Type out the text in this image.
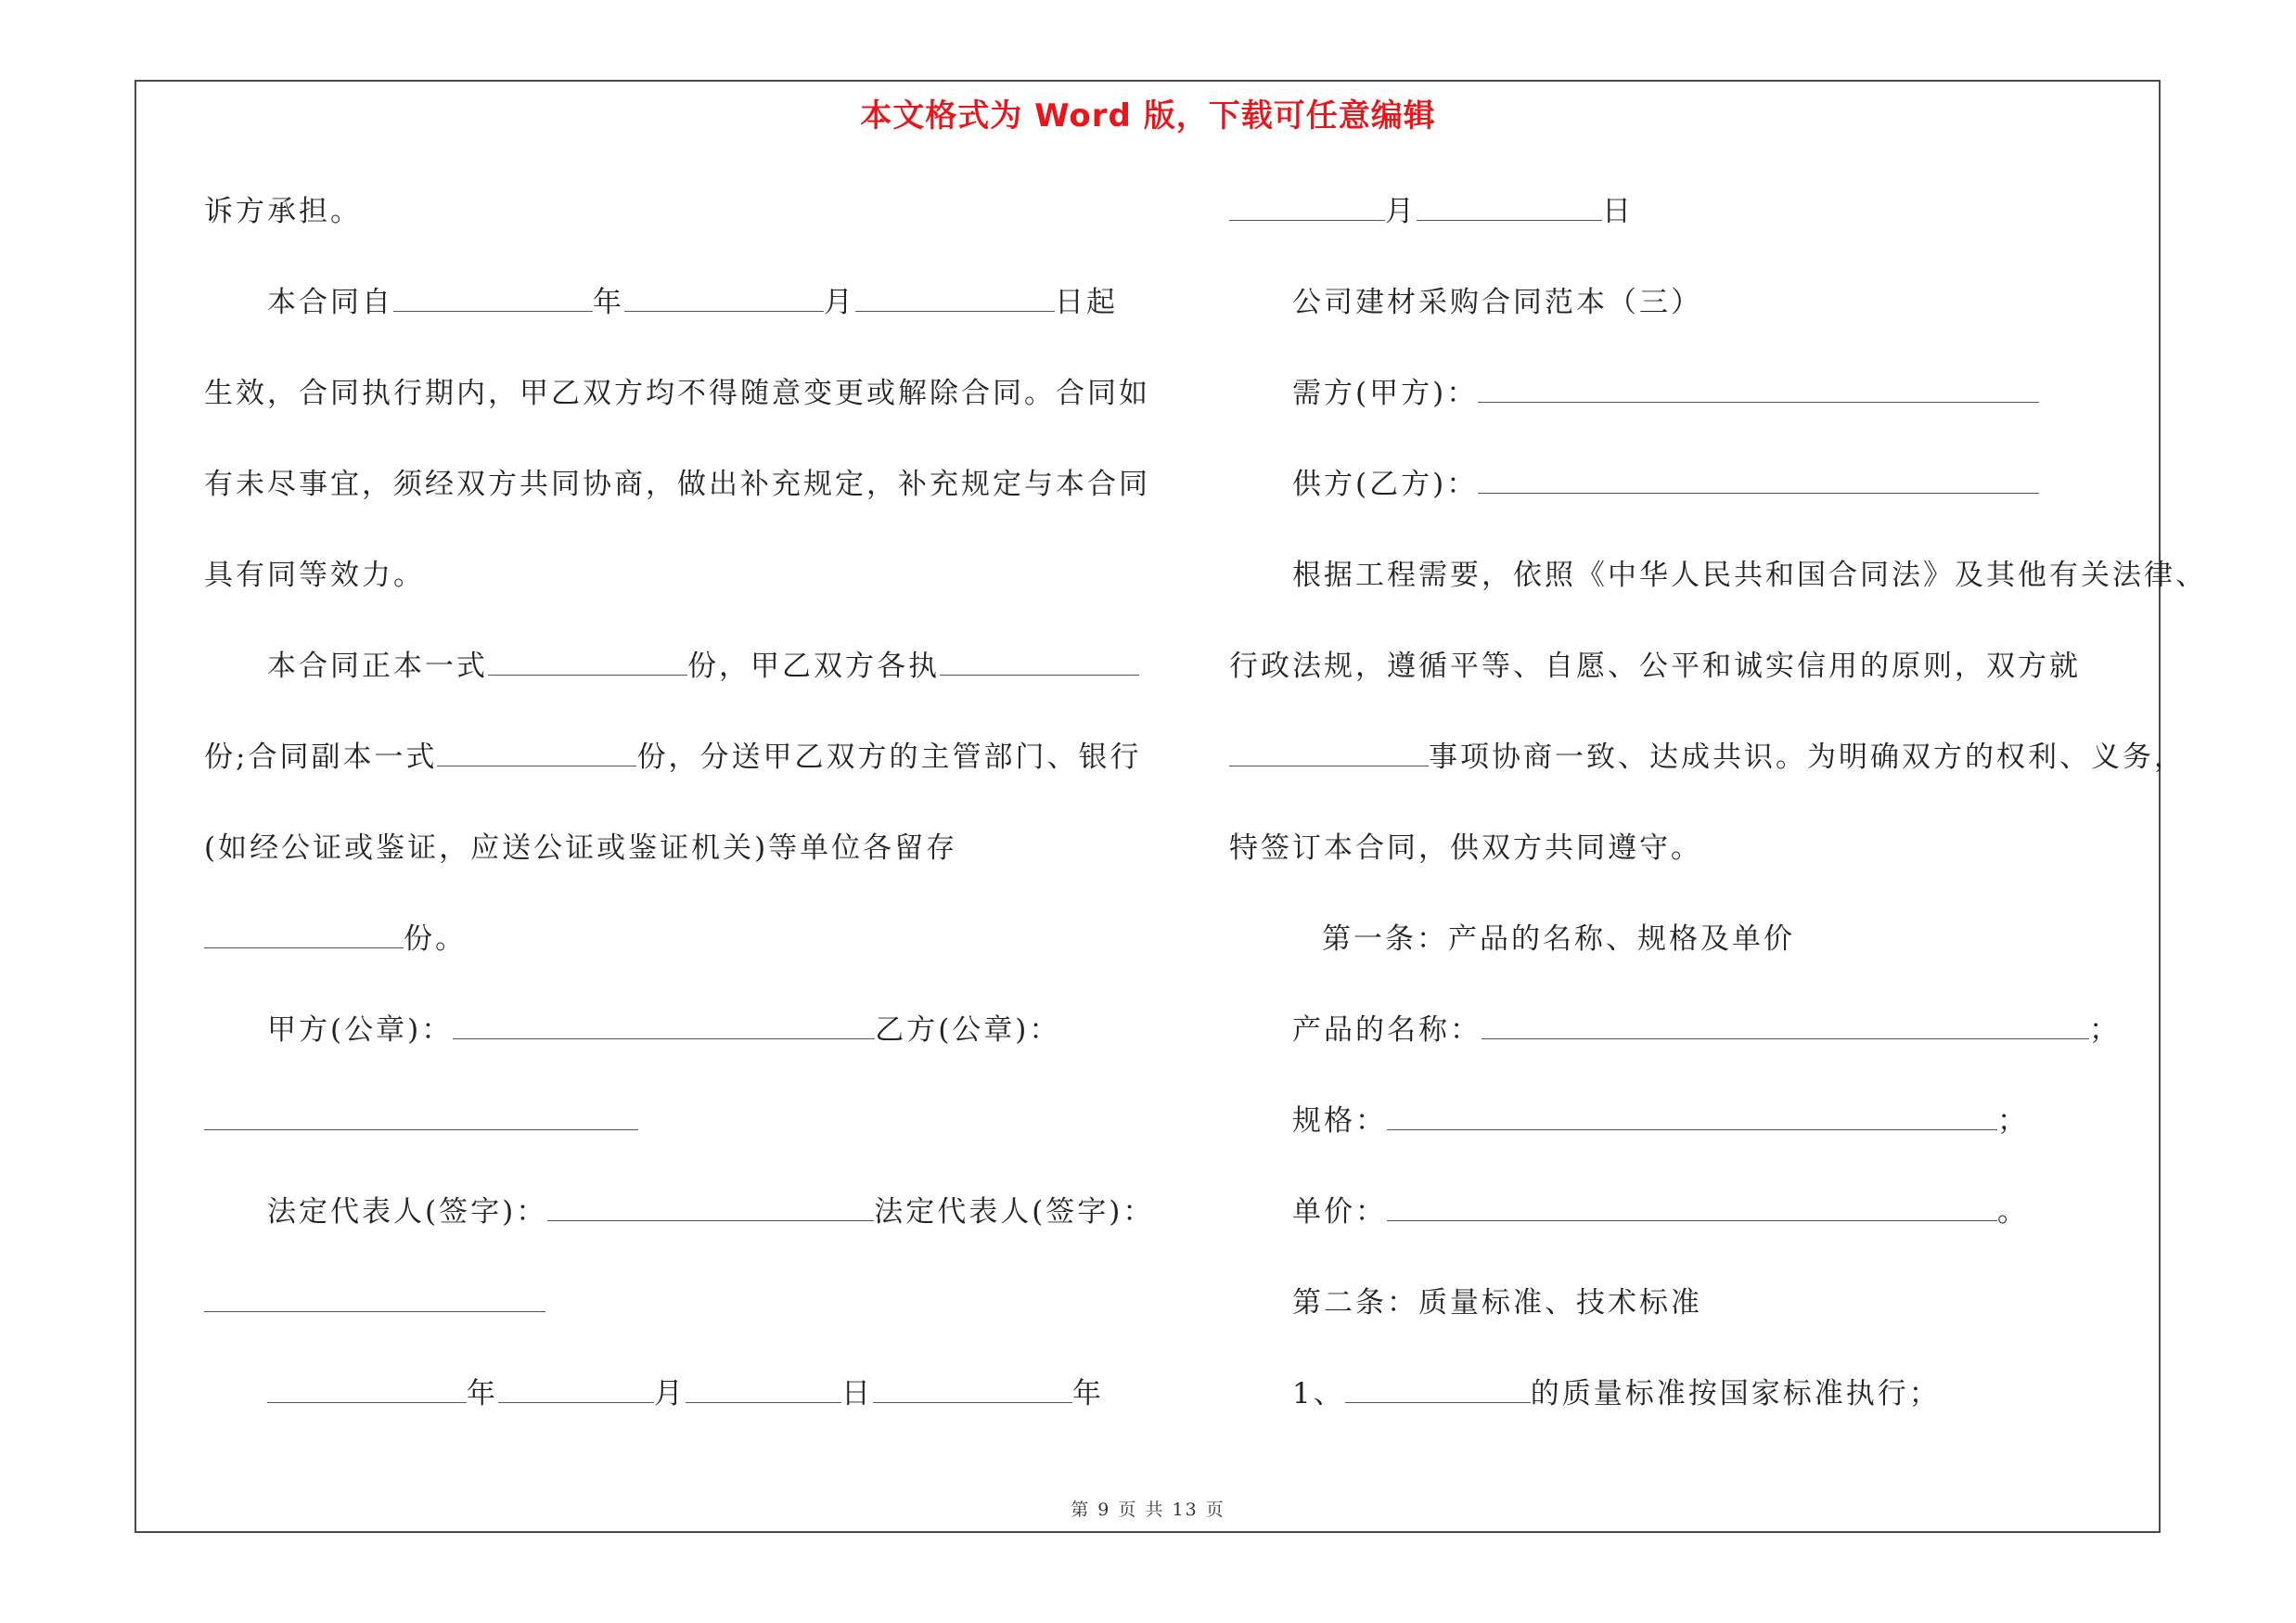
本文格式为 Word 版，下载可任意编辑
诉方承担。
本合同自	年	月	日起
生效，合同执行期内，甲乙双方均不得随意变更或解除合同。合同如
有未尽事宜，须经双方共同协商，做出补充规定，补充规定与本合同
具有同等效力。
本合同正本一式	份，甲乙双方各执
份;合同副本一式	份，分送甲乙双方的主管部门、银行
(如经公证或鉴证，应送公证或鉴证机关)等单位各留存
份。
甲方(公章)：	乙方(公章)：
法定代表人(签字)：	法定代表人(签字)：
年	月	日	年
月	日
公司建材采购合同范本（三）
需方(甲方)：
供方(乙方)：
根据工程需要，依照《中华人民共和国合同法》及其他有关法律、
行政法规，遵循平等、自愿、公平和诚实信用的原则，双方就
事项协商一致、达成共识。为明确双方的权利、义务，
特签订本合同，供双方共同遵守。
第一条：产品的名称、规格及单价
产品的名称：	；
规格：	；
单价：	。
第二条：质量标准、技术标准
1、	的质量标准按国家标准执行；
第 9 页 共 13 页
